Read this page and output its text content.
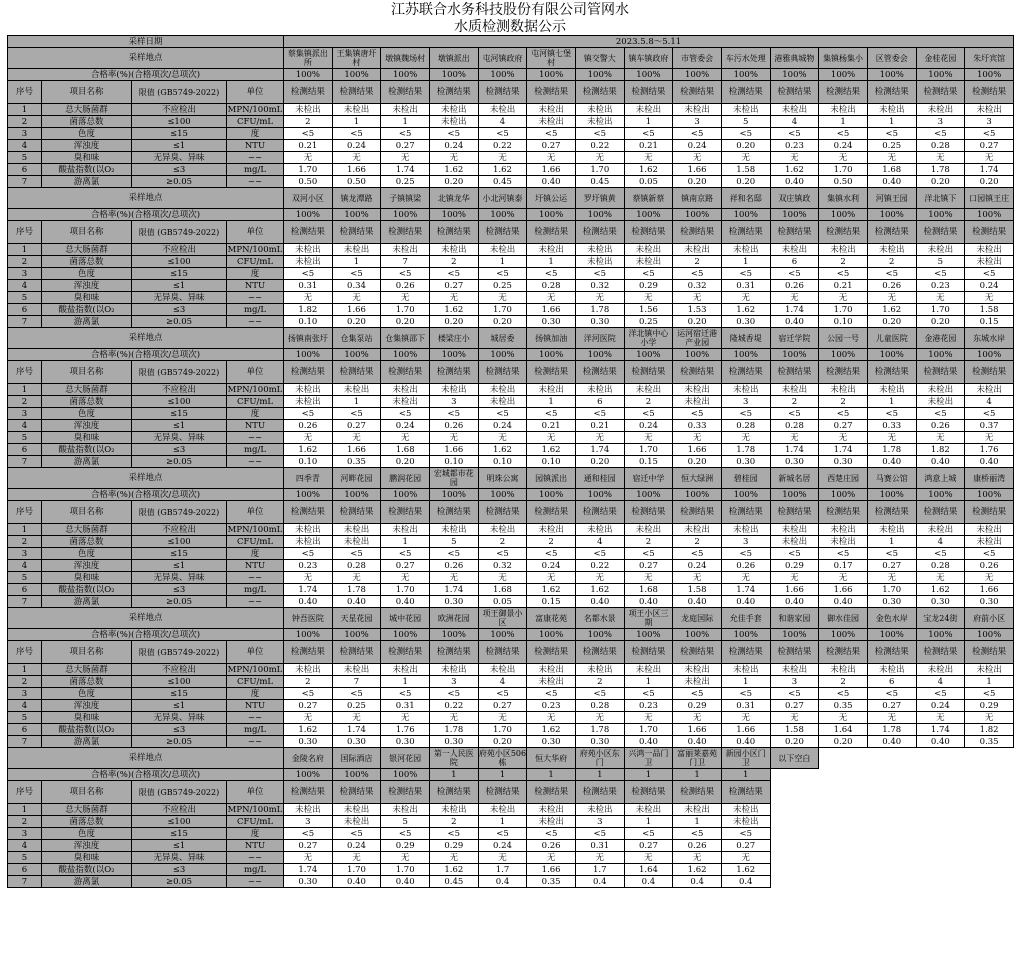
江苏联合水务科技股份有限公司管网水
水质检测数据公示
采样日期				2023.5.8～5.11														
采样地点				蔡集镇派出所	王集镇唐圩村	墩镇魏场村	墩镇派出	屯河镇政府	屯河镇七堡村	镇交警大	镇车镇政府	市管委会	车污水处理	港雅典城物	集镇杨集小	区管委会	金桂花园	朱圩宾馆
合格率(%)(合格项次/总项次)				100%	100%	100%	100%	100%	100%	100%	100%	100%	100%	100%	100%	100%	100%	100%
序号	项目名称	限值 (GB5749-2022)	单位	检测结果	检测结果	检测结果	检测结果	检测结果	检测结果	检测结果	检测结果	检测结果	检测结果	检测结果	检测结果	检测结果	检测结果	检测结果
1	总大肠菌群	不应检出	MPN/100mL	未检出	未检出	未检出	未检出	未检出	未检出	未检出	未检出	未检出	未检出	未检出	未检出	未检出	未检出	未检出
2	菌落总数	≤100	CFU/mL	2	1	1	未检出	4	未检出	未检出	1	3	5	4	1	1	3	3
3	色度	≤15	度	<5	<5	<5	<5	<5	<5	<5	<5	<5	<5	<5	<5	<5	<5	<5
4	浑浊度	≤1	NTU	0.21	0.24	0.27	0.24	0.22	0.27	0.22	0.21	0.24	0.20	0.23	0.24	0.25	0.28	0.27
5	臭和味	无异臭、异味	~~	无	无	无	无	无	无	无	无	无	无	无	无	无	无	无
6	酸盐指数(以O₂	≤3	mg/L	1.70	1.66	1.74	1.62	1.62	1.66	1.70	1.62	1.66	1.58	1.62	1.70	1.68	1.78	1.74
7	游离氯	≥0.05	~~	0.50	0.50	0.25	0.20	0.45	0.40	0.45	0.05	0.20	0.20	0.40	0.50	0.40	0.20	0.20
采样地点				双河小区	镇龙潭路	子镇镇梁	北镇龙华	小北河镇泰	圩镇公运	罗圩镇黄	蔡镇新蔡	镇南京路	祥和名邸	双庄镇政	集镇水利	河镇王园	洋北镇下	口园镇王庄
合格率(%)(合格项次/总项次)				100%	100%	100%	100%	100%	100%	100%	100%	100%	100%	100%	100%	100%	100%	100%
序号	项目名称	限值 (GB5749-2022)	单位	检测结果	检测结果	检测结果	检测结果	检测结果	检测结果	检测结果	检测结果	检测结果	检测结果	检测结果	检测结果	检测结果	检测结果	检测结果
1	总大肠菌群	不应检出	MPN/100mL	未检出	未检出	未检出	未检出	未检出	未检出	未检出	未检出	未检出	未检出	未检出	未检出	未检出	未检出	未检出
2	菌落总数	≤100	CFU/mL	未检出	1	7	2	1	1	未检出	未检出	2	1	6	2	2	5	未检出
3	色度	≤15	度	<5	<5	<5	<5	<5	<5	<5	<5	<5	<5	<5	<5	<5	<5	<5
4	浑浊度	≤1	NTU	0.31	0.34	0.26	0.27	0.25	0.28	0.32	0.29	0.32	0.31	0.26	0.21	0.26	0.23	0.24
5	臭和味	无异臭、异味	~~	无	无	无	无	无	无	无	无	无	无	无	无	无	无	无
6	酸盐指数(以O₂	≤3	mg/L	1.82	1.66	1.70	1.62	1.70	1.66	1.78	1.56	1.53	1.62	1.74	1.70	1.62	1.70	1.58
7	游离氯	≥0.05	~~	0.10	0.20	0.20	0.20	0.20	0.30	0.30	0.25	0.20	0.30	0.40	0.10	0.20	0.20	0.15
采样地点				扬镇南张圩	仓集泵站	仓集镇邵下	楼梁庄小	城居委	扬镇加油	洋河医院	洋北镇中心小学	运河宿迁港产业园	隆城香堤	宿迁学院	公园一号	儿童医院	金港花园	东城水岸
合格率(%)(合格项次/总项次)				100%	100%	100%	100%	100%	100%	100%	100%	100%	100%	100%	100%	100%	100%	100%
序号	项目名称	限值 (GB5749-2022)	单位	检测结果	检测结果	检测结果	检测结果	检测结果	检测结果	检测结果	检测结果	检测结果	检测结果	检测结果	检测结果	检测结果	检测结果	检测结果
1	总大肠菌群	不应检出	MPN/100mL	未检出	未检出	未检出	未检出	未检出	未检出	未检出	未检出	未检出	未检出	未检出	未检出	未检出	未检出	未检出
2	菌落总数	≤100	CFU/mL	未检出	1	未检出	3	未检出	1	6	2	未检出	3	2	2	1	未检出	4
3	色度	≤15	度	<5	<5	<5	<5	<5	<5	<5	<5	<5	<5	<5	<5	<5	<5	<5
4	浑浊度	≤1	NTU	0.26	0.27	0.24	0.26	0.24	0.21	0.21	0.24	0.33	0.28	0.28	0.27	0.33	0.26	0.37
5	臭和味	无异臭、异味	~~	无	无	无	无	无	无	无	无	无	无	无	无	无	无	无
6	酸盐指数(以O₂	≤3	mg/L	1.62	1.66	1.68	1.66	1.62	1.62	1.74	1.70	1.66	1.78	1.74	1.74	1.78	1.82	1.76
7	游离氯	≥0.05	~~	0.10	0.35	0.20	0.10	0.10	0.10	0.20	0.15	0.20	0.30	0.30	0.30	0.40	0.40	0.40
采样地点				四季青	河畔花园	鹏润花园	宏城都市花园	明珠公寓	园镇派出	通和桂园	宿迁中学	恒大绿洲	碧桂园	新城名居	西楚庄园	马赛公馆	鸿意上城	康桥丽湾
合格率(%)(合格项次/总项次)				100%	100%	100%	100%	100%	100%	100%	100%	100%	100%	100%	100%	100%	100%	100%
序号	项目名称	限值 (GB5749-2022)	单位	检测结果	检测结果	检测结果	检测结果	检测结果	检测结果	检测结果	检测结果	检测结果	检测结果	检测结果	检测结果	检测结果	检测结果	检测结果
1	总大肠菌群	不应检出	MPN/100mL	未检出	未检出	未检出	未检出	未检出	未检出	未检出	未检出	未检出	未检出	未检出	未检出	未检出	未检出	未检出
2	菌落总数	≤100	CFU/mL	未检出	未检出	1	5	2	2	4	2	2	3	未检出	未检出	1	4	未检出
3	色度	≤15	度	<5	<5	<5	<5	<5	<5	<5	<5	<5	<5	<5	<5	<5	<5	<5
4	浑浊度	≤1	NTU	0.23	0.28	0.27	0.26	0.32	0.24	0.22	0.27	0.24	0.26	0.29	0.17	0.27	0.28	0.26
5	臭和味	无异臭、异味	~~	无	无	无	无	无	无	无	无	无	无	无	无	无	无	无
6	酸盐指数(以O₂	≤3	mg/L	1.74	1.78	1.70	1.74	1.68	1.62	1.62	1.68	1.58	1.74	1.66	1.66	1.70	1.62	1.66
7	游离氯	≥0.05	~~	0.40	0.40	0.40	0.30	0.05	0.15	0.40	0.40	0.40	0.40	0.40	0.40	0.30	0.30	0.30
采样地点				钟吾医院	天星花园	城中花园	欧洲花园	项王御景小区	富康花苑	名都水景	项王小区三期	龙庭国际	允佳手套	和谐家园	御水佳园	金色水岸	宝龙24街	府前小区
合格率(%)(合格项次/总项次)				100%	100%	100%	100%	100%	100%	100%	100%	100%	100%	100%	100%	100%	100%	100%
序号	项目名称	限值 (GB5749-2022)	单位	检测结果	检测结果	检测结果	检测结果	检测结果	检测结果	检测结果	检测结果	检测结果	检测结果	检测结果	检测结果	检测结果	检测结果	检测结果
1	总大肠菌群	不应检出	MPN/100mL	未检出	未检出	未检出	未检出	未检出	未检出	未检出	未检出	未检出	未检出	未检出	未检出	未检出	未检出	未检出
2	菌落总数	≤100	CFU/mL	2	7	1	3	4	未检出	2	1	未检出	1	3	2	6	4	1
3	色度	≤15	度	<5	<5	<5	<5	<5	<5	<5	<5	<5	<5	<5	<5	<5	<5	<5
4	浑浊度	≤1	NTU	0.27	0.25	0.31	0.22	0.27	0.23	0.28	0.23	0.29	0.31	0.27	0.35	0.27	0.24	0.29
5	臭和味	无异臭、异味	~~	无	无	无	无	无	无	无	无	无	无	无	无	无	无	无
6	酸盐指数(以O₂	≤3	mg/L	1.62	1.74	1.76	1.78	1.70	1.62	1.78	1.70	1.66	1.66	1.58	1.64	1.78	1.74	1.82
7	游离氯	≥0.05	~~	0.30	0.30	0.30	0.30	0.20	0.30	0.30	0.40	0.40	0.40	0.20	0.20	0.40	0.40	0.35
采样地点				金陵名府	国际酒店	银河花园	第一人民医院	府苑小区506栋	恒大华府	府苑小区东门	兴鸿一品门卫	富丽莱嘉苑门卫	新园小区门卫	以下空白				
合格率(%)(合格项次/总项次)				100%	100%	100%	1	1	1	1	1	1	1					
序号	项目名称	限值 (GB5749-2022)	单位	检测结果	检测结果	检测结果	检测结果	检测结果	检测结果	检测结果	检测结果	检测结果	检测结果					
1	总大肠菌群	不应检出	MPN/100mL	未检出	未检出	未检出	未检出	未检出	未检出	未检出	未检出	未检出	未检出					
2	菌落总数	≤100	CFU/mL	3	未检出	5	2	1	未检出	3	1	1	未检出					
3	色度	≤15	度	<5	<5	<5	<5	<5	<5	<5	<5	<5	<5					
4	浑浊度	≤1	NTU	0.27	0.24	0.29	0.29	0.24	0.26	0.31	0.27	0.26	0.27					
5	臭和味	无异臭、异味	~~	无	无	无	无	无	无	无	无	无	无					
6	酸盐指数(以O₂	≤3	mg/L	1.74	1.70	1.70	1.62	1.7	1.66	1.7	1.64	1.62	1.62					
7	游离氯	≥0.05	~~	0.30	0.40	0.40	0.45	0.4	0.35	0.4	0.4	0.4	0.4					
